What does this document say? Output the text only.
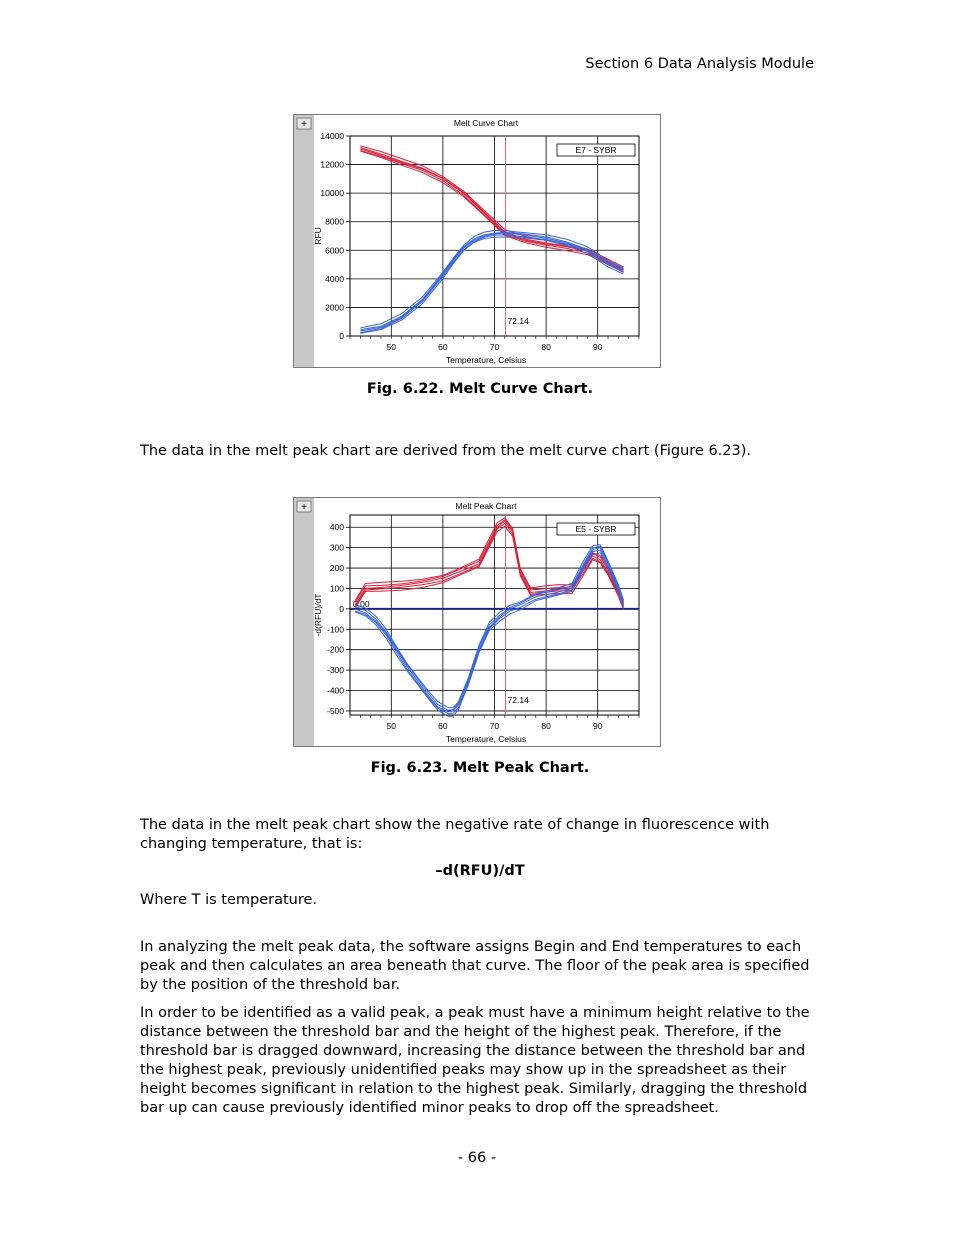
Section 6 Data Analysis Module
+	Melt Curve Chart
50	60	70	80	90
0
2000
4000
6000
8000
10000
12000
14000
Temperature, Celsius
RFU
72.14
E7 - SYBR
Fig. 6.22. Melt Curve Chart.
The data in the melt peak chart are derived from the melt curve chart (Figure 6.23).
+	Melt Peak Chart
50	60	70	80	90
400
300
200
100
0
-100
-200
-300
-400
-500
Temperature, Celsius
-d(RFU)/dT	0.00
72.14
E5 - SYBR
Fig. 6.23. Melt Peak Chart.
The data in the melt peak chart show the negative rate of change in fluorescence with changing temperature, that is:
–d(RFU)/dT
Where T is temperature.
In analyzing the melt peak data, the software assigns Begin and End temperatures to each peak and then calculates an area beneath that curve. The floor of the peak area is specified by the position of the threshold bar.
In order to be identified as a valid peak, a peak must have a minimum height relative to the distance between the threshold bar and the height of the highest peak. Therefore, if the threshold bar is dragged downward, increasing the distance between the threshold bar and the highest peak, previously unidentified peaks may show up in the spreadsheet as their height becomes significant in relation to the highest peak. Similarly, dragging the threshold bar up can cause previously identified minor peaks to drop off the spreadsheet.
- 66 -
